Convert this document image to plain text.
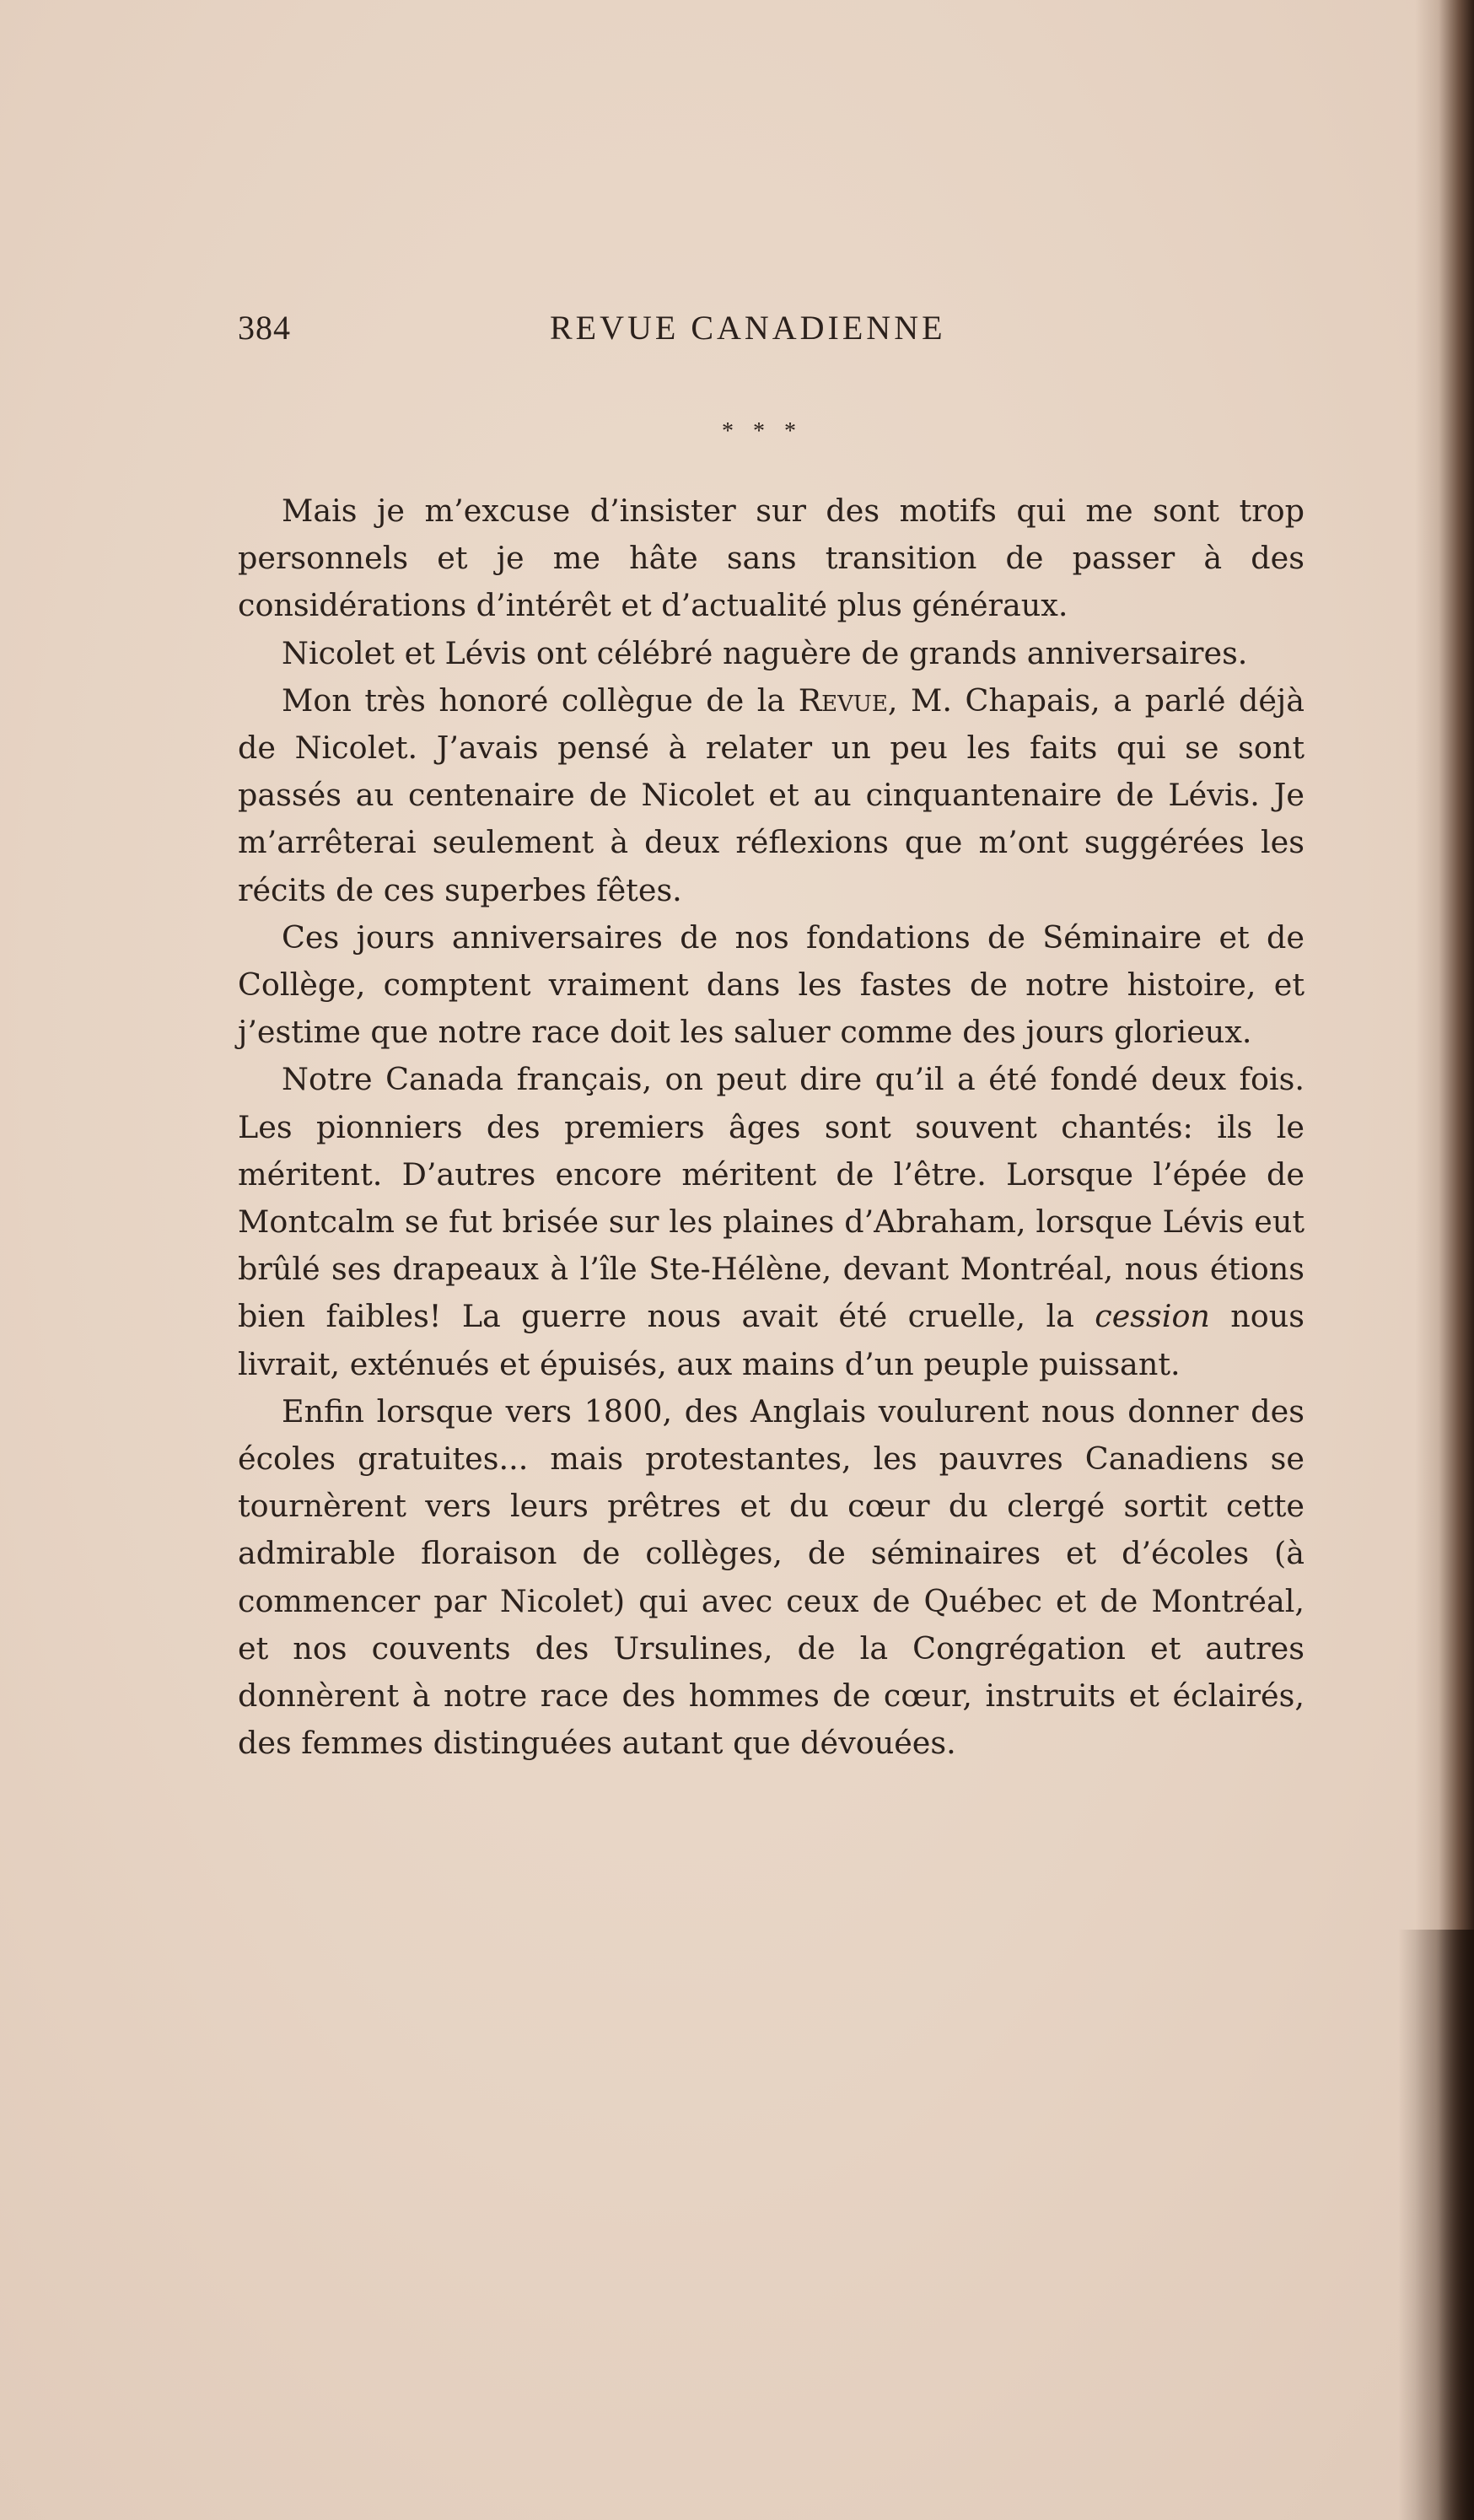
384	REVUE CANADIENNE
* * *

Mais je m’excuse d’insister sur des motifs qui me sont trop personnels et je me hâte sans transition de passer à des considérations d’intérêt et d’actualité plus généraux.

Nicolet et Lévis ont célébré naguère de grands anniversaires.

Mon très honoré collègue de la Revue, M. Chapais, a parlé déjà de Nicolet. J’avais pensé à relater un peu les faits qui se sont passés au centenaire de Nicolet et au cinquantenaire de Lévis. Je m’arrêterai seulement à deux réflexions que m’ont suggérées les récits de ces superbes fêtes.

Ces jours anniversaires de nos fondations de Séminaire et de Collège, comptent vraiment dans les fastes de notre histoire, et j’estime que notre race doit les saluer comme des jours glorieux.

Notre Canada français, on peut dire qu’il a été fondé deux fois. Les pionniers des premiers âges sont souvent chantés: ils le méritent. D’autres encore méritent de l’être. Lorsque l’épée de Montcalm se fut brisée sur les plaines d’Abraham, lorsque Lévis eut brûlé ses drapeaux à l’île Ste-Hélène, devant Montréal, nous étions bien faibles! La guerre nous avait été cruelle, la cession nous livrait, exténués et épuisés, aux mains d’un peuple puissant.

Enfin lorsque vers 1800, des Anglais voulurent nous donner des écoles gratuites... mais protestantes, les pauvres Canadiens se tournèrent vers leurs prêtres et du cœur du clergé sortit cette admirable floraison de collèges, de séminaires et d’écoles (à commencer par Nicolet) qui avec ceux de Québec et de Montréal, et nos couvents des Ursulines, de la Congrégation et autres donnèrent à notre race des hommes de cœur, instruits et éclairés, des femmes distinguées autant que dévouées.
